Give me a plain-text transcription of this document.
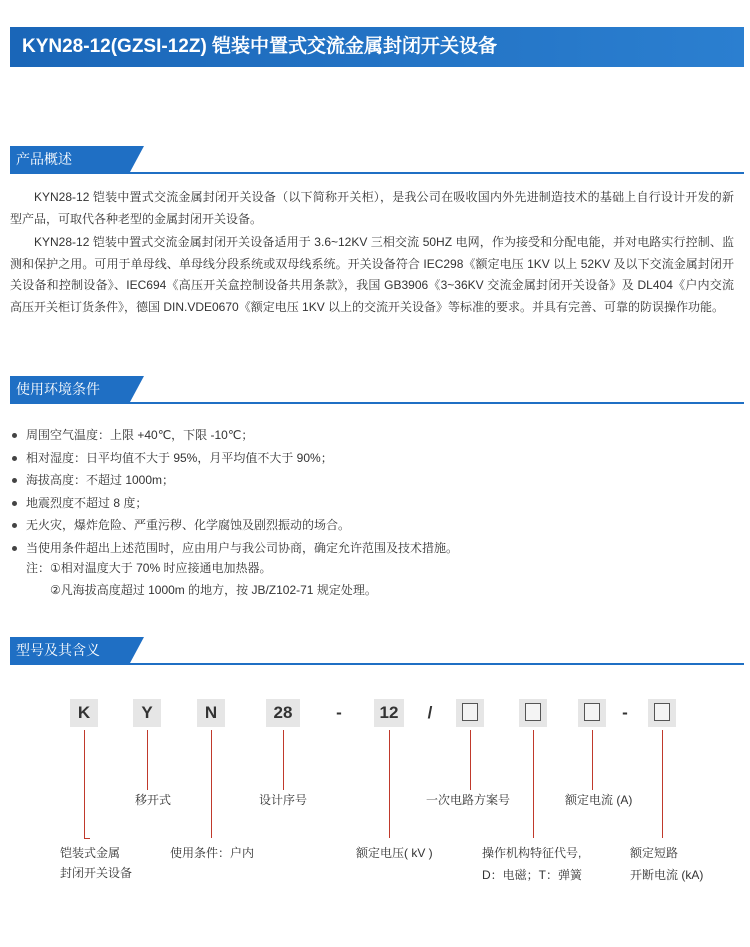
KYN28-12(GZSI-12Z) 铠装中置式交流金属封闭开关设备
产品概述
KYN28-12 铠装中置式交流金属封闭开关设备（以下简称开关柜），是我公司在吸收国内外先进制造技术的基础上自行设计开发的新型产品，可取代各种老型的金属封闭开关设备。
KYN28-12 铠装中置式交流金属封闭开关设备适用于 3.6~12KV 三相交流 50HZ 电网，作为接受和分配电能，并对电路实行控制、监测和保护之用。可用于单母线、单母线分段系统或双母线系统。开关设备符合 IEC298《额定电压 1KV 以上 52KV 及以下交流金属封闭开关设备和控制设备》、IEC694《高压开关盒控制设备共用条款》，我国 GB3906《3~36KV 交流金属封闭开关设备》及 DL404《户内交流高压开关柜订货条件》，德国 DIN.VDE0670《额定电压 1KV 以上的交流开关设备》等标准的要求。并具有完善、可靠的防误操作功能。
使用环境条件
周围空气温度：上限 +40℃，下限 -10℃；
相对湿度：日平均值不大于 95%，月平均值不大于 90%；
海拔高度：不超过 1000m；
地震烈度不超过 8 度；
无火灾，爆炸危险、严重污秽、化学腐蚀及剧烈振动的场合。
当使用条件超出上述范围时，应由用户与我公司协商，确定允许范围及技术措施。
注：①相对温度大于 70% 时应接通电加热器。
②凡海拔高度超过 1000m 的地方，按 JB/Z102-71 规定处理。
型号及其含义
K	Y	N	28	-	12	/	-
移开式	设计序号	一次电路方案号	额定电流 (A)
铠装式金属
封闭开关设备
使用条件：户内	额定电压( kV )	操作机构特征代号,
D：电磁；T：弹簧
额定短路
开断电流 (kA)
